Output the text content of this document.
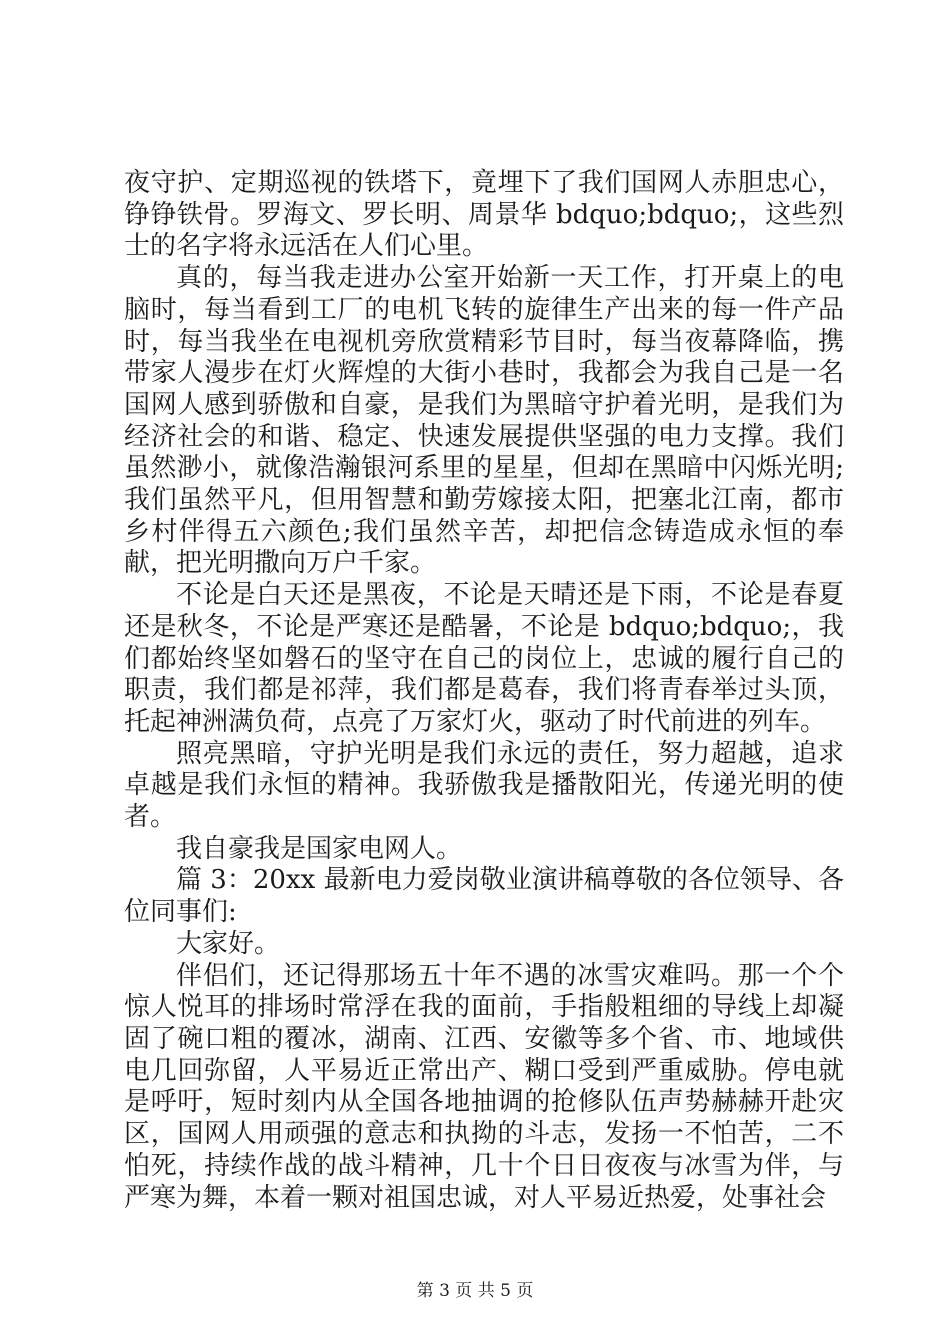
夜守护、定期巡视的铁塔下，竟埋下了我们国网人赤胆忠心，铮铮铁骨。罗海文、罗长明、周景华 bdquo;bdquo;，这些烈士的名字将永远活在人们心里。

真的，每当我走进办公室开始新一天工作，打开桌上的电脑时，每当看到工厂的电机飞转的旋律生产出来的每一件产品时，每当我坐在电视机旁欣赏精彩节目时，每当夜幕降临，携带家人漫步在灯火辉煌的大街小巷时，我都会为我自己是一名国网人感到骄傲和自豪，是我们为黑暗守护着光明，是我们为经济社会的和谐、稳定、快速发展提供坚强的电力支撑。我们虽然渺小，就像浩瀚银河系里的星星，但却在黑暗中闪烁光明;我们虽然平凡，但用智慧和勤劳嫁接太阳，把塞北江南，都市乡村伴得五六颜色;我们虽然辛苦，却把信念铸造成永恒的奉献，把光明撒向万户千家。

不论是白天还是黑夜，不论是天晴还是下雨，不论是春夏还是秋冬，不论是严寒还是酷暑，不论是 bdquo;bdquo;，我们都始终坚如磐石的坚守在自己的岗位上，忠诚的履行自己的职责，我们都是祁萍，我们都是葛春，我们将青春举过头顶，托起神洲满负荷，点亮了万家灯火，驱动了时代前进的列车。

照亮黑暗，守护光明是我们永远的责任，努力超越，追求卓越是我们永恒的精神。我骄傲我是播散阳光，传递光明的使者。

我自豪我是国家电网人。

篇 3：20xx 最新电力爱岗敬业演讲稿尊敬的各位领导、各位同事们:

大家好。

伴侣们，还记得那场五十年不遇的冰雪灾难吗。那一个个惊人悦耳的排场时常浮在我的面前，手指般粗细的导线上却凝固了碗口粗的覆冰，湖南、江西、安徽等多个省、市、地域供电几回弥留，人平易近正常出产、糊口受到严重威胁。停电就是呼吁，短时刻内从全国各地抽调的抢修队伍声势赫赫开赴灾区，国网人用顽强的意志和执拗的斗志，发扬一不怕苦，二不怕死，持续作战的战斗精神，几十个日日夜夜与冰雪为伴，与严寒为舞，本着一颗对祖国忠诚，对人平易近热爱，处事社会

第 3 页 共 5 页
